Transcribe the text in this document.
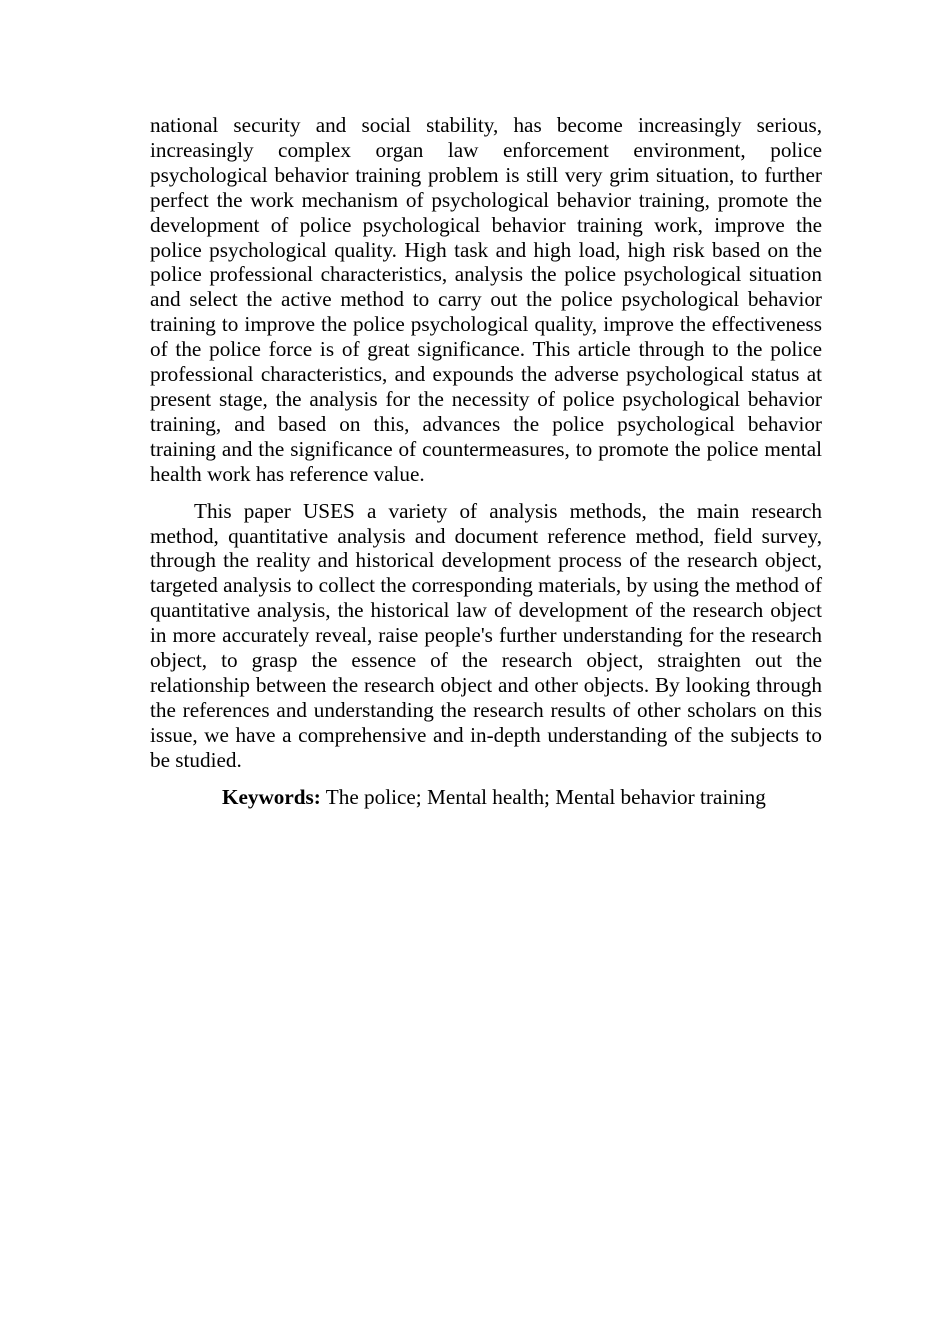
national security and social stability, has become increasingly serious, increasingly complex organ law enforcement environment, police psychological behavior training problem is still very grim situation, to further perfect the work mechanism of psychological behavior training, promote the development of police psychological behavior training work, improve the police psychological quality. High task and high load, high risk based on the police professional characteristics, analysis the police psychological situation and select the active method to carry out the police psychological behavior training to improve the police psychological quality, improve the effectiveness of the police force is of great significance. This article through to the police professional characteristics, and expounds the adverse psychological status at present stage, the analysis for the necessity of police psychological behavior training, and based on this, advances the police psychological behavior training and the significance of countermeasures, to promote the police mental health work has reference value.

This paper USES a variety of analysis methods, the main research method, quantitative analysis and document reference method, field survey, through the reality and historical development process of the research object, targeted analysis to collect the corresponding materials, by using the method of quantitative analysis, the historical law of development of the research object in more accurately reveal, raise people's further understanding for the research object, to grasp the essence of the research object, straighten out the relationship between the research object and other objects. By looking through the references and understanding the research results of other scholars on this issue, we have a comprehensive and in-depth understanding of the subjects to be studied.

Keywords: The police; Mental health; Mental behavior training
